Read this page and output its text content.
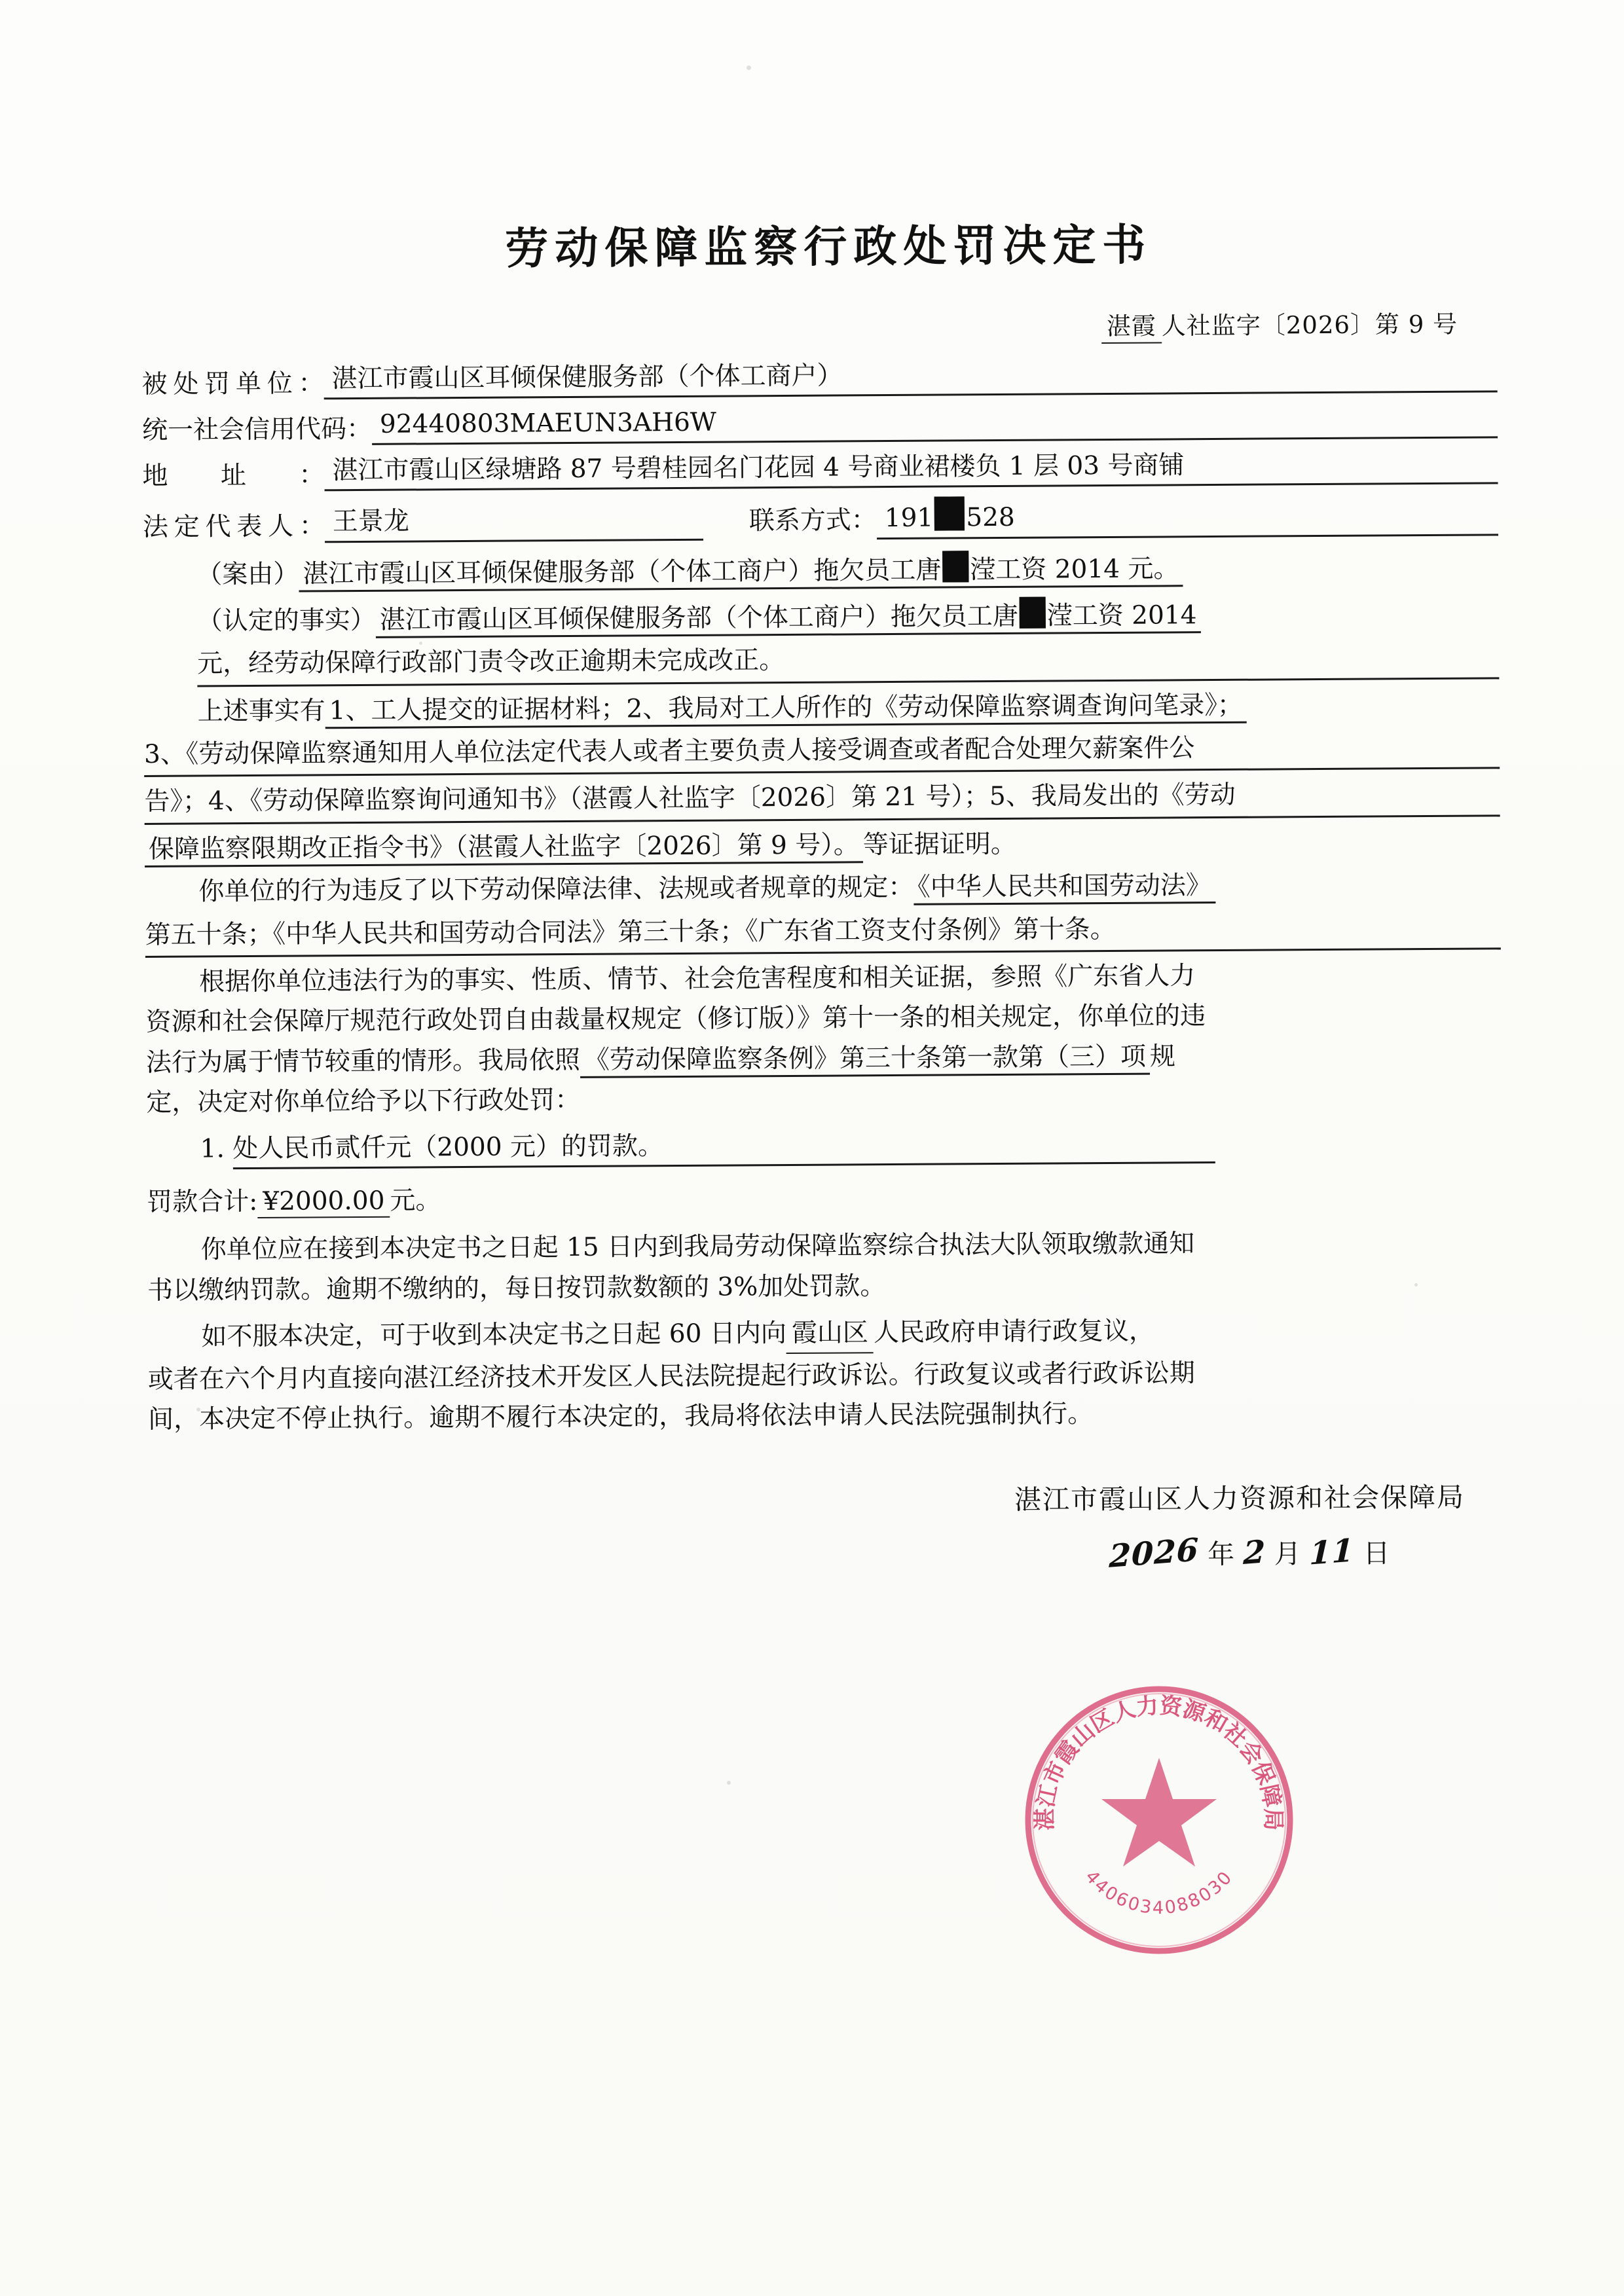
劳动保障监察行政处罚决定书
湛霞 人社监字〔2026〕第 9 号
被处罚单位： 湛江市霞山区耳倾保健服务部（个体工商户）
统一社会信用代码： 92440803MAEUN3AH6W
地址： 湛江市霞山区绿塘路 87 号碧桂园名门花园 4 号商业裙楼负 1 层 03 号商铺
法定代表人： 王景龙	联系方式： 191 528

（案由） 湛江市霞山区耳倾保健服务部（个体工商户）拖欠员工唐 滢工资 2014 元。

（认定的事实） 湛江市霞山区耳倾保健服务部（个体工商户）拖欠员工唐 滢工资 2014
元，经劳动保障行政部门责令改正逾期未完成改正。

上述事实有 1、工人提交的证据材料；2、我局对工人所作的《劳动保障监察调查询问笔录》；

3、《劳动保障监察通知用人单位法定代表人或者主要负责人接受调查或者配合处理欠薪案件公
告》；4、《劳动保障监察询问通知书》（湛霞人社监字〔2026〕第 21 号）；5、我局发出的《劳动
保障监察限期改正指令书》（湛霞人社监字〔2026〕第 9 号）。 等证据证明。

你单位的行为违反了以下劳动保障法律、法规或者规章的规定： 《中华人民共和国劳动法》

第五十条；《中华人民共和国劳动合同法》第三十条；《广东省工资支付条例》第十条。

根据你单位违法行为的事实、性质、情节、社会危害程度和相关证据，参照《广东省人力

资源和社会保障厅规范行政处罚自由裁量权规定（修订版）》第十一条的相关规定，你单位的违

法行为属于情节较重的情形。我局依照 《劳动保障监察条例》第三十条第一款第（三）项 规

定，决定对你单位给予以下行政处罚：

1. 处人民币贰仟元（2000 元）的罚款。
罚款合计: ¥2000.00 元。

你单位应在接到本决定书之日起 15 日内到我局劳动保障监察综合执法大队领取缴款通知

书以缴纳罚款。逾期不缴纳的，每日按罚款数额的 3%加处罚款。

如不服本决定，可于收到本决定书之日起 60 日内向 霞山区 人民政府申请行政复议，

或者在六个月内直接向湛江经济技术开发区人民法院提起行政诉讼。行政复议或者行政诉讼期

间，本决定不停止执行。逾期不履行本决定的，我局将依法申请人民法院强制执行。

湛江市霞山区人力资源和社会保障局
2026 年 2 月 11 日
湛江市霞山区人力资源和社会保障局
4406034088030
